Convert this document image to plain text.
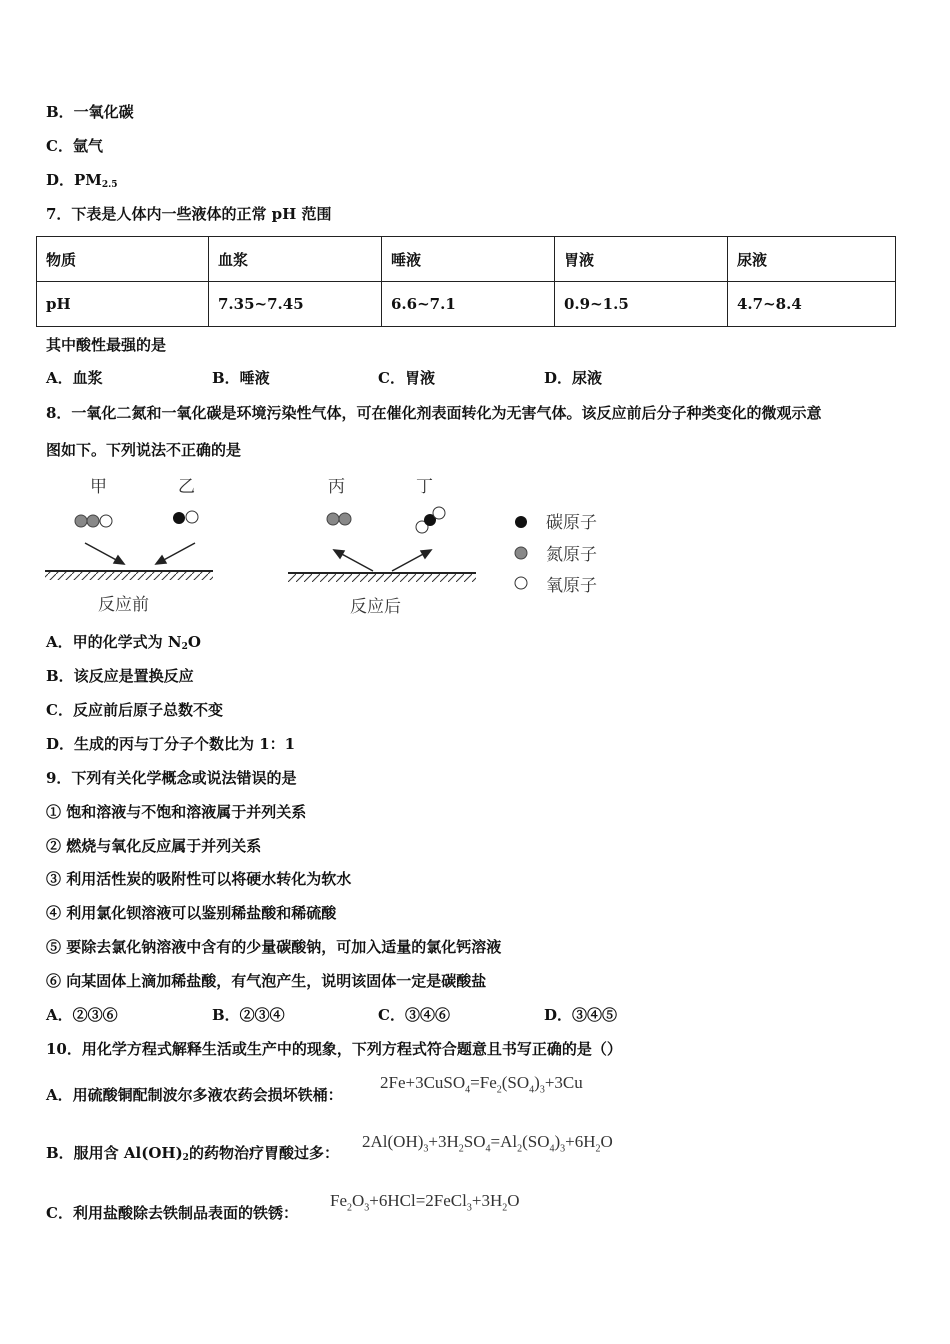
B．一氧化碳
C．氩气
D．$PM_{2.5}$
7．下表是人体内一些液体的正常 pH 范围
物质	血浆	唾液	胃液	尿液
pH	7.35~7.45	6.6~7.1	0.9~1.5	4.7~8.4
其中酸性最强的是
A．血浆	B．唾液	C．胃液	D．尿液
8．一氧化二氮和一氧化碳是环境污染性气体，可在催化剂表面转化为无害气体。该反应前后分子种类变化的微观示意
图如下。下列说法不正确的是
甲	乙
反应前
丙	丁
反应后
碳原子
氮原子
氧原子
A．甲的化学式为 $N_2O$
B．该反应是置换反应
C．反应前后原子总数不变
D．生成的丙与丁分子个数比为 1：1
9．下列有关化学概念或说法错误的是
① 饱和溶液与不饱和溶液属于并列关系
② 燃烧与氧化反应属于并列关系
③ 利用活性炭的吸附性可以将硬水转化为软水
④ 利用氯化钡溶液可以鉴别稀盐酸和稀硫酸
⑤ 要除去氯化钠溶液中含有的少量碳酸钠，可加入适量的氯化钙溶液
⑥ 向某固体上滴加稀盐酸，有气泡产生，说明该固体一定是碳酸盐
A．②③⑥	B．②③④	C．③④⑥	D．③④⑤
10．用化学方程式解释生活或生产中的现象，下列方程式符合题意且书写正确的是（）
A．用硫酸铜配制波尔多液农药会损坏铁桶：
$2Fe+3CuSO_4=Fe_2(SO_4)_3+3Cu$
B．服用含 $Al(OH)_2$的药物治疗胃酸过多：
$2Al(OH)_3+3H_2SO_4=Al_2(SO_4)_3+6H_2O$
C．利用盐酸除去铁制品表面的铁锈：
$Fe_2O_3+6HCl=2FeCl_3+3H_2O$
